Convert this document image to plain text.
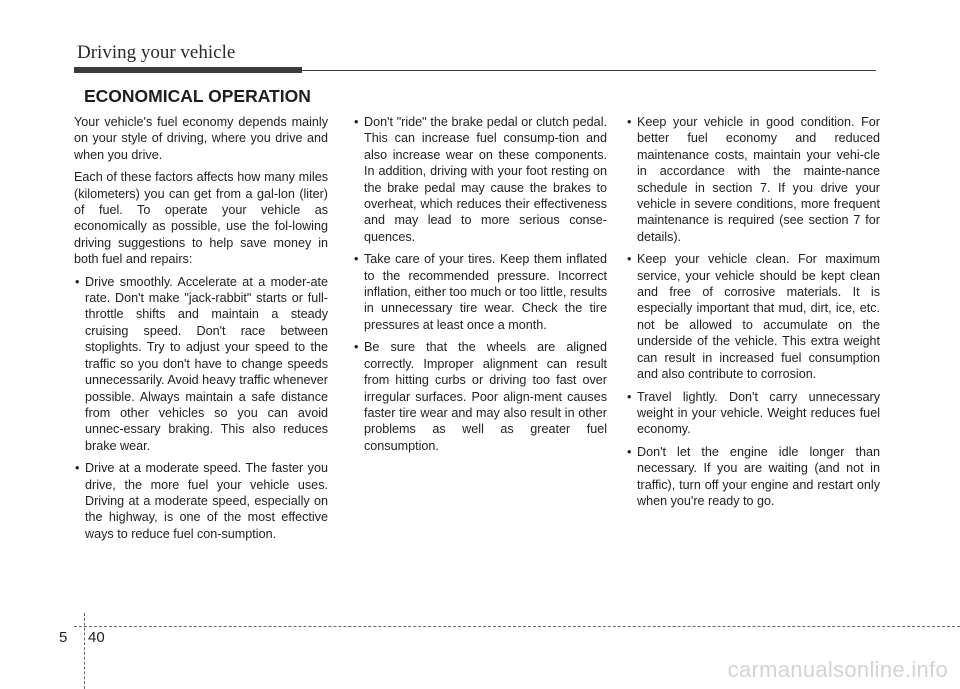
Driving your vehicle
ECONOMICAL OPERATION

Your vehicle's fuel economy depends mainly on your style of driving, where you drive and when you drive.

Each of these factors affects how many miles (kilometers) you can get from a gal-lon (liter) of fuel. To operate your vehicle as economically as possible, use the fol-lowing driving suggestions to help save money in both fuel and repairs:

• Drive smoothly. Accelerate at a moder-ate rate. Don't make "jack-rabbit" starts or full-throttle shifts and maintain a steady cruising speed. Don't race between stoplights. Try to adjust your speed to the traffic so you don't have to change speeds unnecessarily. Avoid heavy traffic whenever possible. Always maintain a safe distance from other vehicles so you can avoid unnec-essary braking. This also reduces brake wear.
• Drive at a moderate speed. The faster you drive, the more fuel your vehicle uses. Driving at a moderate speed, especially on the highway, is one of the most effective ways to reduce fuel con-sumption.
• Don't "ride" the brake pedal or clutch pedal. This can increase fuel consump-tion and also increase wear on these components. In addition, driving with your foot resting on the brake pedal may cause the brakes to overheat, which reduces their effectiveness and may lead to more serious conse-quences.
• Take care of your tires. Keep them inflated to the recommended pressure. Incorrect inflation, either too much or too little, results in unnecessary tire wear. Check the tire pressures at least once a month.
• Be sure that the wheels are aligned correctly. Improper alignment can result from hitting curbs or driving too fast over irregular surfaces. Poor align-ment causes faster tire wear and may also result in other problems as well as greater fuel consumption.
• Keep your vehicle in good condition. For better fuel economy and reduced maintenance costs, maintain your vehi-cle in accordance with the mainte-nance schedule in section 7. If you drive your vehicle in severe conditions, more frequent maintenance is required (see section 7 for details).
• Keep your vehicle clean. For maximum service, your vehicle should be kept clean and free of corrosive materials. It is especially important that mud, dirt, ice, etc. not be allowed to accumulate on the underside of the vehicle. This extra weight can result in increased fuel consumption and also contribute to corrosion.
• Travel lightly. Don't carry unnecessary weight in your vehicle. Weight reduces fuel economy.
• Don't let the engine idle longer than necessary. If you are waiting (and not in traffic), turn off your engine and restart only when you're ready to go.
5 40
carmanualsonline.info
